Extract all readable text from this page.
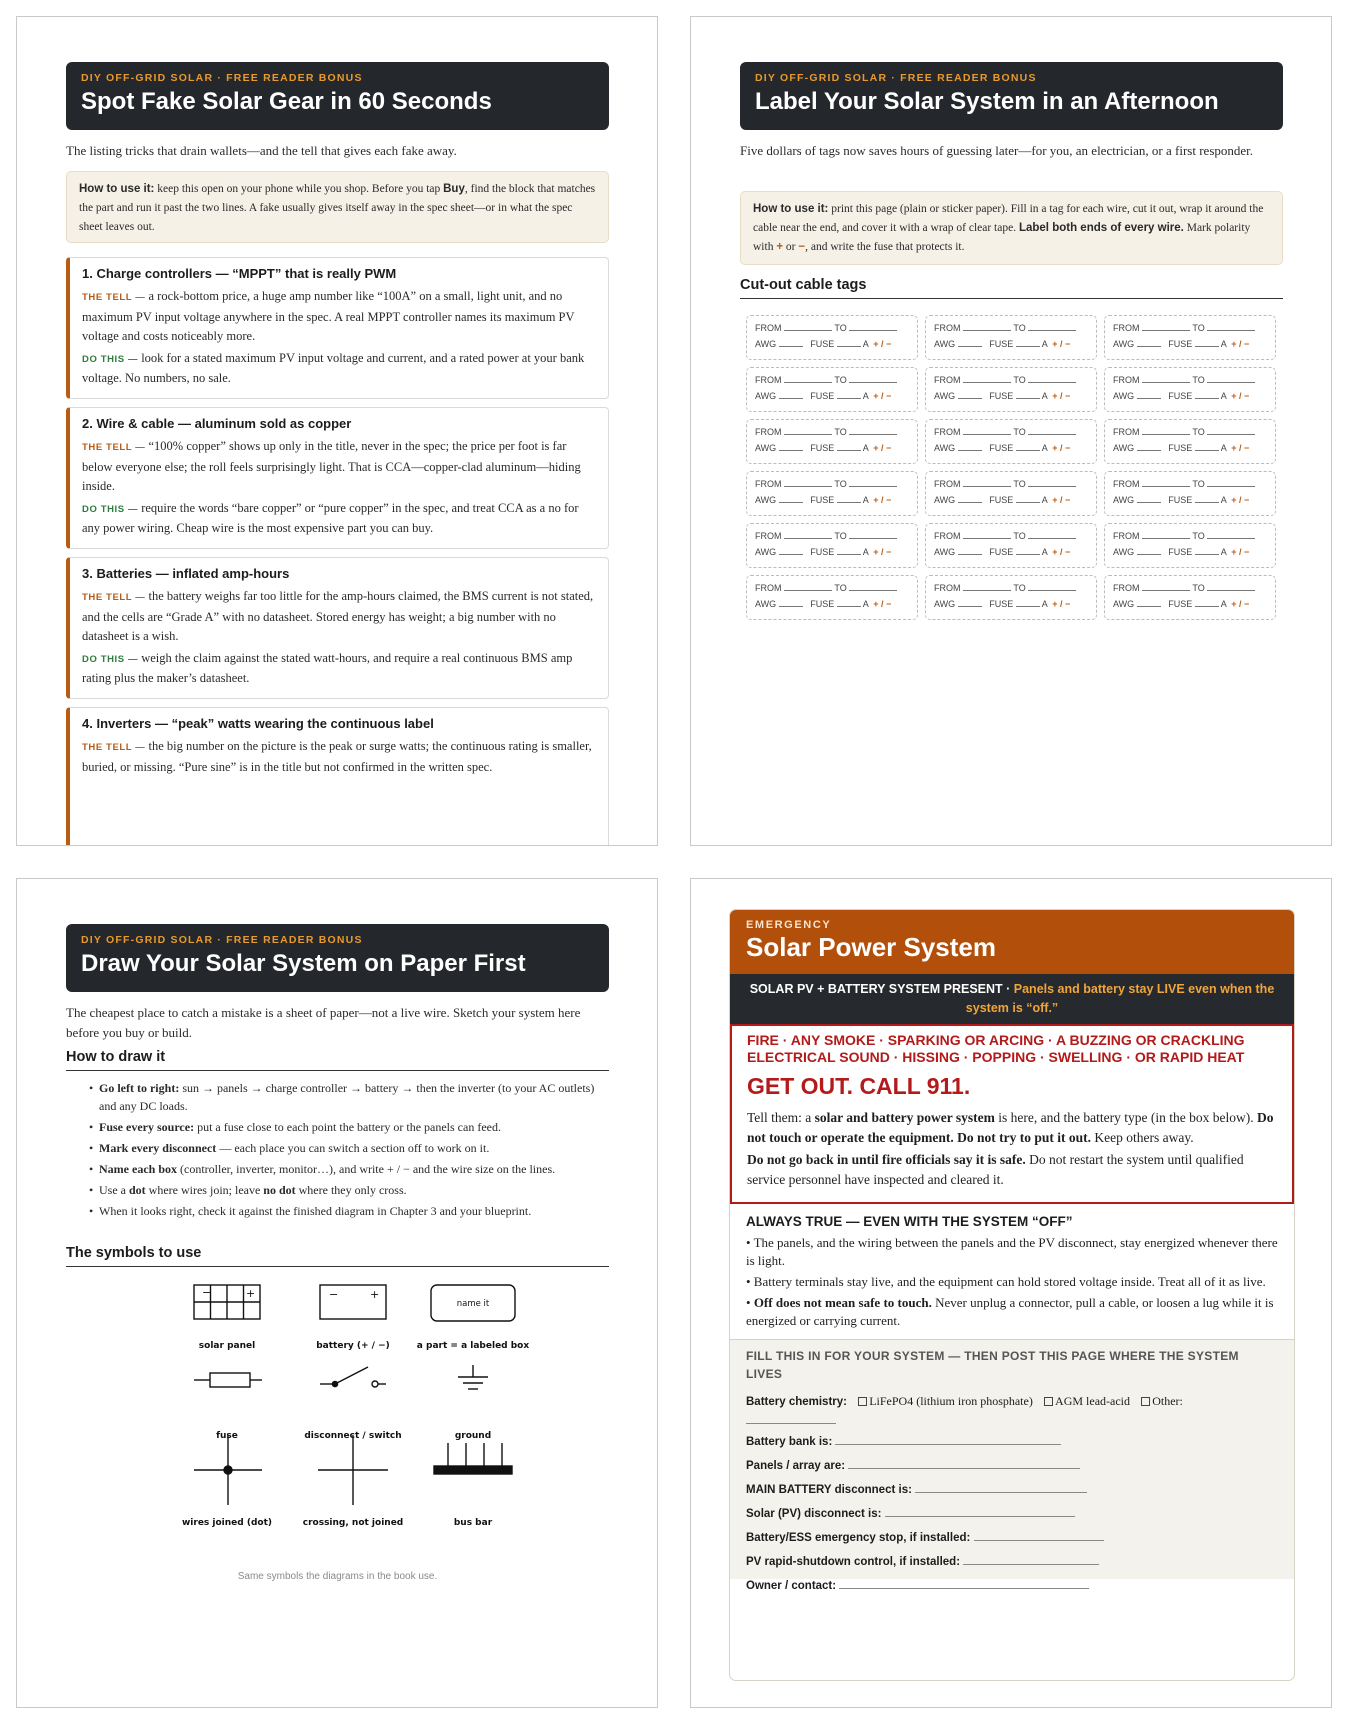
DIY OFF-GRID SOLAR · FREE READER BONUS
Spot Fake Solar Gear in 60 Seconds
The listing tricks that drain wallets—and the tell that gives each fake away.
How to use it: keep this open on your phone while you shop. Before you tap Buy, find the block that matches the part and run it past the two lines. A fake usually gives itself away in the spec sheet—or in what the spec sheet leaves out.
1. Charge controllers — “MPPT” that is really PWM

THE TELL — a rock-bottom price, a huge amp number like “100A” on a small, light unit, and no maximum PV input voltage anywhere in the spec. A real MPPT controller names its maximum PV voltage and costs noticeably more.

DO THIS — look for a stated maximum PV input voltage and current, and a rated power at your bank voltage. No numbers, no sale.

2. Wire & cable — aluminum sold as copper

THE TELL — “100% copper” shows up only in the title, never in the spec; the price per foot is far below everyone else; the roll feels surprisingly light. That is CCA—copper-clad aluminum—hiding inside.

DO THIS — require the words “bare copper” or “pure copper” in the spec, and treat CCA as a no for any power wiring. Cheap wire is the most expensive part you can buy.

3. Batteries — inflated amp-hours

THE TELL — the battery weighs far too little for the amp-hours claimed, the BMS current is not stated, and the cells are “Grade A” with no datasheet. Stored energy has weight; a big number with no datasheet is a wish.

DO THIS — weigh the claim against the stated watt-hours, and require a real continuous BMS amp rating plus the maker’s datasheet.

4. Inverters — “peak” watts wearing the continuous label

THE TELL — the big number on the picture is the peak or surge watts; the continuous rating is smaller, buried, or missing. “Pure sine” is in the title but not confirmed in the written spec.

DIY OFF-GRID SOLAR · FREE READER BONUS
Label Your Solar System in an Afternoon
Five dollars of tags now saves hours of guessing later—for you, an electrician, or a first responder.
How to use it: print this page (plain or sticker paper). Fill in a tag for each wire, cut it out, wrap it around the cable near the end, and cover it with a wrap of clear tape. Label both ends of every wire. Mark polarity with + or −, and write the fuse that protects it.
Cut-out cable tags
FROM	TO
AWG	FUSE	A + / −
FROM	TO
AWG	FUSE	A + / −
FROM	TO
AWG	FUSE	A + / −
FROM	TO
AWG	FUSE	A + / −
FROM	TO
AWG	FUSE	A + / −
FROM	TO
AWG	FUSE	A + / −
FROM	TO
AWG	FUSE	A + / −
FROM	TO
AWG	FUSE	A + / −
FROM	TO
AWG	FUSE	A + / −
FROM	TO
AWG	FUSE	A + / −
FROM	TO
AWG	FUSE	A + / −
FROM	TO
AWG	FUSE	A + / −
FROM	TO
AWG	FUSE	A + / −
FROM	TO
AWG	FUSE	A + / −
FROM	TO
AWG	FUSE	A + / −
FROM	TO
AWG	FUSE	A + / −
FROM	TO
AWG	FUSE	A + / −
FROM	TO
AWG	FUSE	A + / −
DIY OFF-GRID SOLAR · FREE READER BONUS
Draw Your Solar System on Paper First
The cheapest place to catch a mistake is a sheet of paper—not a live wire. Sketch your system here before you buy or build.
How to draw it
• Go left to right: sun → panels → charge controller → battery → then the inverter (to your AC outlets) and any DC loads.
• Fuse every source: put a fuse close to each point the battery or the panels can feed.
• Mark every disconnect — each place you can switch a section off to work on it.
• Name each box (controller, inverter, monitor…), and write + / − and the wire size on the lines.
• Use a dot where wires join; leave no dot where they only cross.
• When it looks right, check it against the finished diagram in Chapter 3 and your blueprint.
The symbols to use
−	+	−	+
name it
solar panel	battery (+ / −)	a part = a labeled box
fuse	disconnect / switch	ground
wires joined (dot)	crossing, not joined	bus bar
Same symbols the diagrams in the book use.
EMERGENCY
Solar Power System
SOLAR PV + BATTERY SYSTEM PRESENT · Panels and battery stay LIVE even when the system is “off.”
FIRE · ANY SMOKE · SPARKING OR ARCING · A BUZZING OR CRACKLING ELECTRICAL SOUND · HISSING · POPPING · SWELLING · OR RAPID HEAT
GET OUT. CALL 911.

Tell them: a solar and battery power system is here, and the battery type (in the box below). Do not touch or operate the equipment. Do not try to put it out. Keep others away.

Do not go back in until fire officials say it is safe. Do not restart the system until qualified service personnel have inspected and cleared it.

ALWAYS TRUE — EVEN WITH THE SYSTEM “OFF”

• The panels, and the wiring between the panels and the PV disconnect, stay energized whenever there is light.

• Battery terminals stay live, and the equipment can hold stored voltage inside. Treat all of it as live.

• Off does not mean safe to touch. Never unplug a connector, pull a cable, or loosen a lug while it is energized or carrying current.

FILL THIS IN FOR YOUR SYSTEM — THEN POST THIS PAGE WHERE THE SYSTEM LIVES
Battery chemistry: LiFePO4 (lithium iron phosphate) AGM lead-acid Other:

Battery bank is:
Panels / array are:
MAIN BATTERY disconnect is:
Solar (PV) disconnect is:
Battery/ESS emergency stop, if installed:
PV rapid-shutdown control, if installed:
Owner / contact:
